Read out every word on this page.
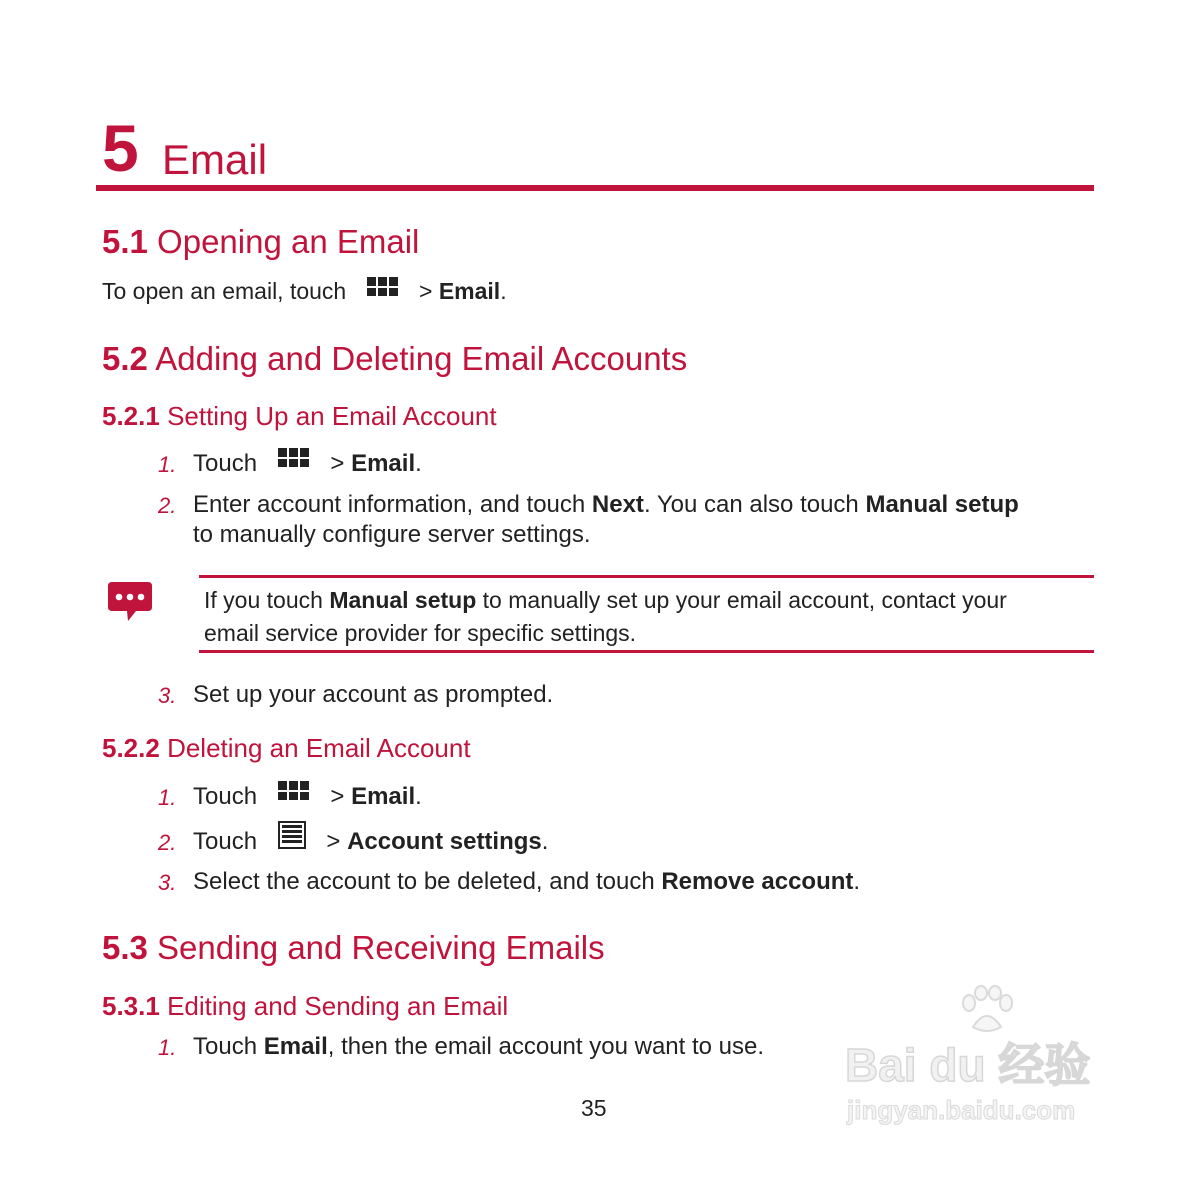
5 Email
5.1 Opening an Email
To open an email, touch	> Email.
5.2 Adding and Deleting Email Accounts
5.2.1 Setting Up an Email Account
1. Touch	> Email.
2. Enter account information, and touch Next. You can also touch Manual setup
to manually configure server settings.
If you touch Manual setup to manually set up your email account, contact your
email service provider for specific settings.
3. Set up your account as prompted.
5.2.2 Deleting an Email Account
1. Touch	> Email.
2. Touch	> Account settings.
3. Select the account to be deleted, and touch Remove account.
5.3 Sending and Receiving Emails
5.3.1 Editing and Sending an Email
1. Touch Email, then the email account you want to use.
35
Bai du 经验
jingyan.baidu.com
